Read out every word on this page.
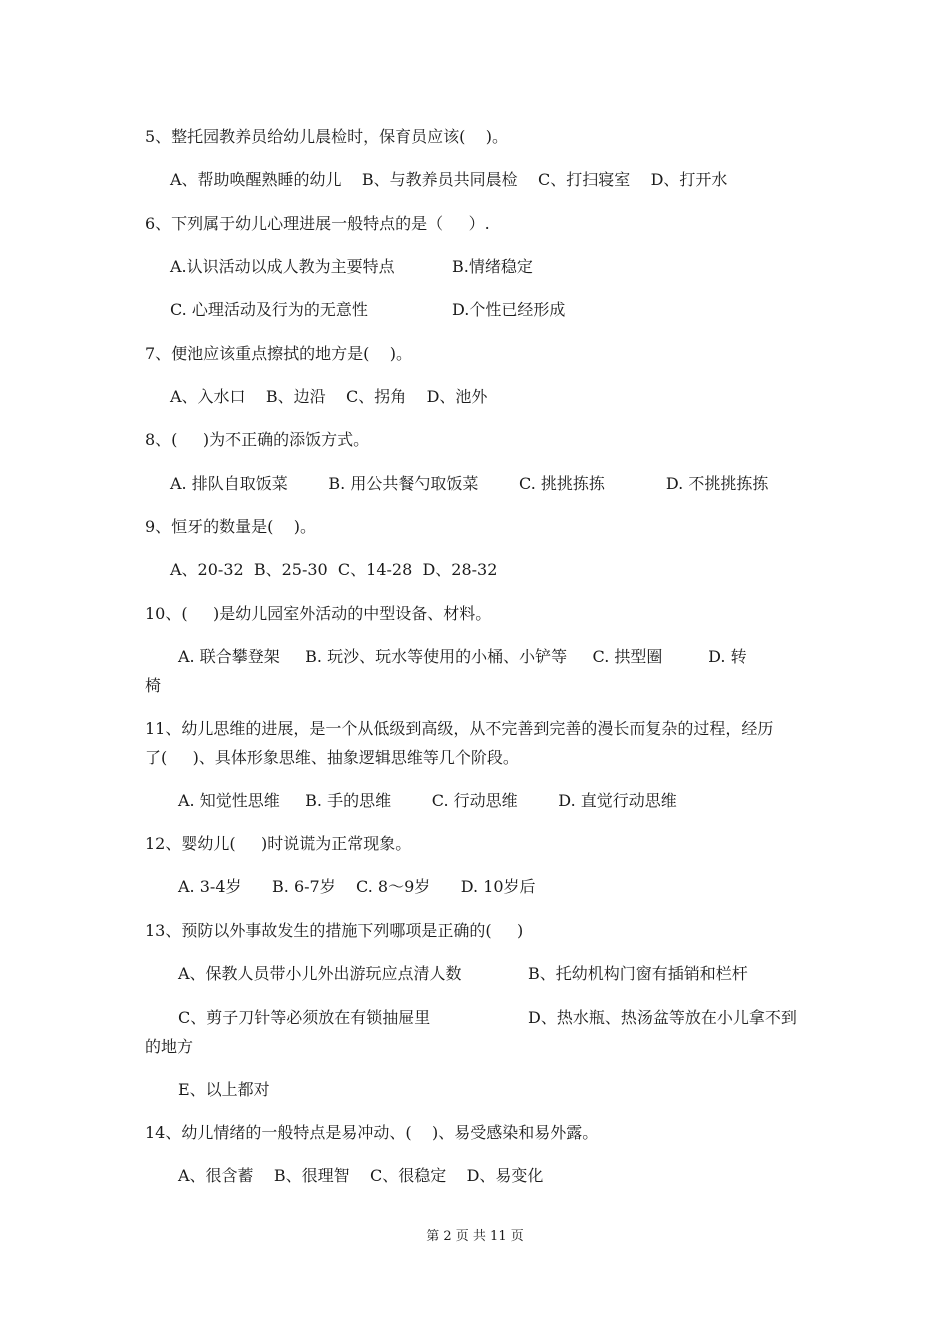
5、整托园教养员给幼儿晨检时，保育员应该(    )。
A、帮助唤醒熟睡的幼儿    B、与教养员共同晨检    C、打扫寝室    D、打开水
6、下列属于幼儿心理进展一般特点的是（     ）.
A.认识活动以成人教为主要特点	B.情绪稳定
C. 心理活动及行为的无意性	D.个性已经形成
7、便池应该重点擦拭的地方是(    )。
A、入水口    B、边沿    C、拐角    D、池外
8、(     )为不正确的添饭方式。
A. 排队自取饭菜        B. 用公共餐勺取饭菜        C. 挑挑拣拣            D. 不挑挑拣拣
9、恒牙的数量是(    )。
A、20-32  B、25-30  C、14-28  D、28-32
10、(     )是幼儿园室外活动的中型设备、材料。
A. 联合攀登架     B. 玩沙、玩水等使用的小桶、小铲等     C. 拱型圈         D. 转
椅
11、幼儿思维的进展，是一个从低级到高级，从不完善到完善的漫长而复杂的过程，经历
了(     )、具体形象思维、抽象逻辑思维等几个阶段。
A. 知觉性思维     B. 手的思维        C. 行动思维        D. 直觉行动思维
12、婴幼儿(     )时说谎为正常现象。
A. 3-4岁      B. 6-7岁    C. 8～9岁      D. 10岁后
13、预防以外事故发生的措施下列哪项是正确的(     )
A、保教人员带小儿外出游玩应点清人数	B、托幼机构门窗有插销和栏杆
C、剪子刀针等必须放在有锁抽屉里	D、热水瓶、热汤盆等放在小儿拿不到
的地方
E、以上都对
14、幼儿情绪的一般特点是易冲动、(    )、易受感染和易外露。
A、很含蓄    B、很理智    C、很稳定    D、易变化
第 2 页 共 11 页
